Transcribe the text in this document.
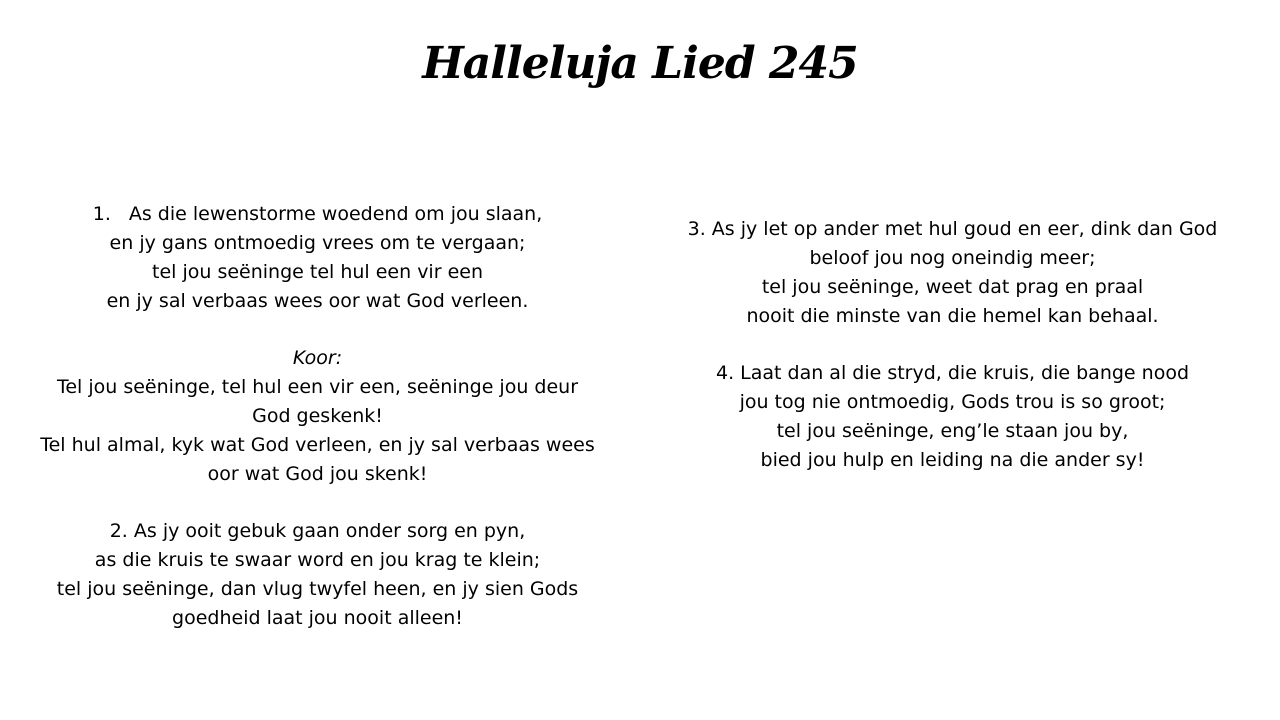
Halleluja Lied 245
1. As die lewenstorme woedend om jou slaan,
en jy gans ontmoedig vrees om te vergaan;
tel jou seëninge tel hul een vir een
en jy sal verbaas wees oor wat God verleen.
Koor:
Tel jou seëninge, tel hul een vir een, seëninge jou deur
God geskenk!
Tel hul almal, kyk wat God verleen, en jy sal verbaas wees
oor wat God jou skenk!
2. As jy ooit gebuk gaan onder sorg en pyn,
as die kruis te swaar word en jou krag te klein;
tel jou seëninge, dan vlug twyfel heen, en jy sien Gods
goedheid laat jou nooit alleen!
3. As jy let op ander met hul goud en eer, dink dan God
beloof jou nog oneindig meer;
tel jou seëninge, weet dat prag en praal
nooit die minste van die hemel kan behaal.
4. Laat dan al die stryd, die kruis, die bange nood
jou tog nie ontmoedig, Gods trou is so groot;
tel jou seëninge, eng’le staan jou by,
bied jou hulp en leiding na die ander sy!
